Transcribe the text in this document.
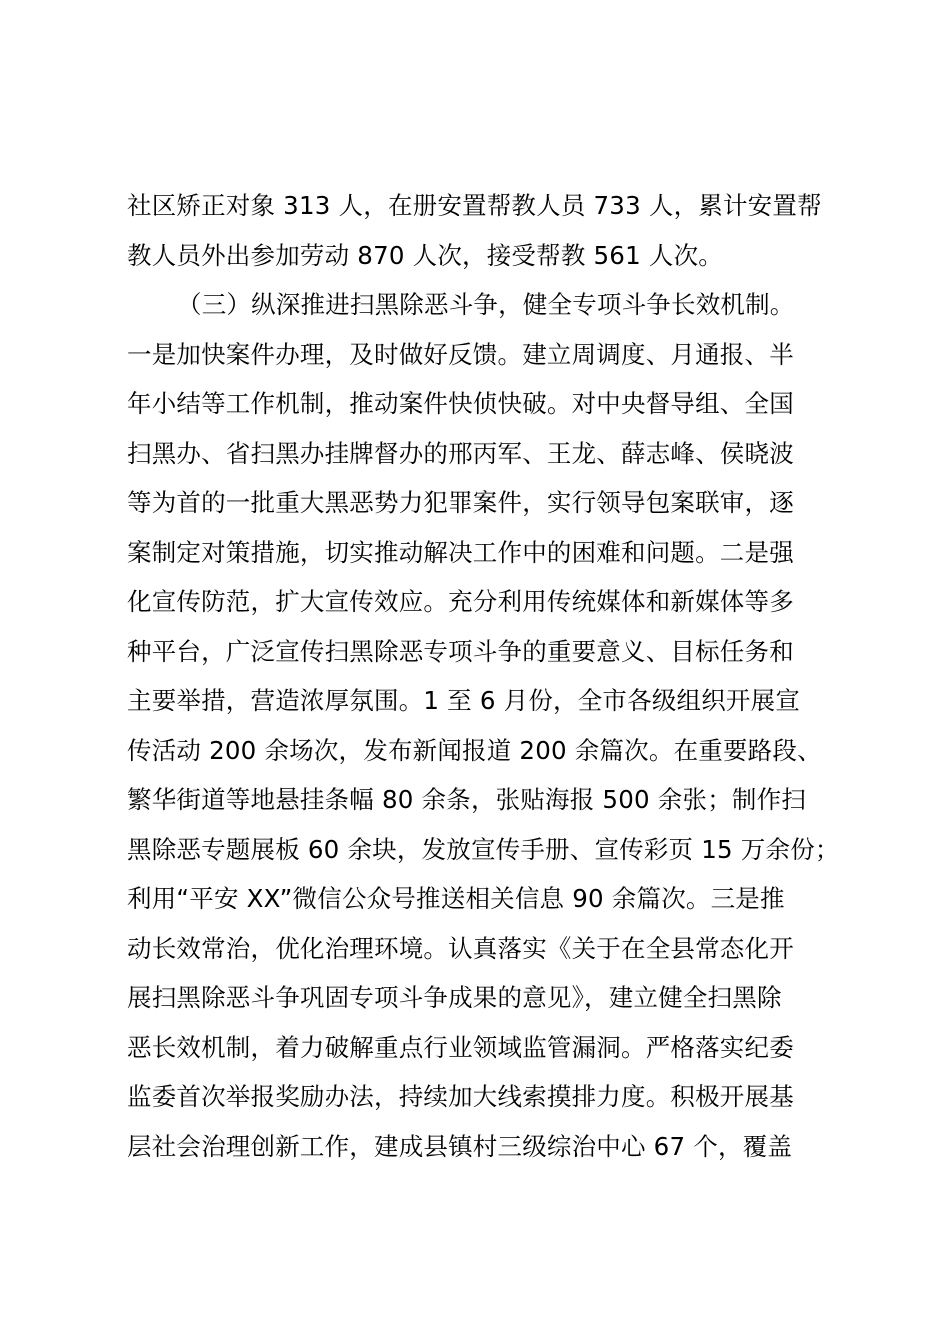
社区矫正对象 313 人，在册安置帮教人员 733 人，累计安置帮
教人员外出参加劳动 870 人次，接受帮教 561 人次。
（三）纵深推进扫黑除恶斗争，健全专项斗争长效机制。
一是加快案件办理，及时做好反馈。建立周调度、月通报、半
年小结等工作机制，推动案件快侦快破。对中央督导组、全国
扫黑办、省扫黑办挂牌督办的邢丙军、王龙、薛志峰、侯晓波
等为首的一批重大黑恶势力犯罪案件，实行领导包案联审，逐
案制定对策措施，切实推动解决工作中的困难和问题。二是强
化宣传防范，扩大宣传效应。充分利用传统媒体和新媒体等多
种平台，广泛宣传扫黑除恶专项斗争的重要意义、目标任务和
主要举措，营造浓厚氛围。1 至 6 月份，全市各级组织开展宣
传活动 200 余场次，发布新闻报道 200 余篇次。在重要路段、
繁华街道等地悬挂条幅 80 余条，张贴海报 500 余张；制作扫
黑除恶专题展板 60 余块，发放宣传手册、宣传彩页 15 万余份；
利用“平安 XX”微信公众号推送相关信息 90 余篇次。三是推
动长效常治，优化治理环境。认真落实《关于在全县常态化开
展扫黑除恶斗争巩固专项斗争成果的意见》，建立健全扫黑除
恶长效机制，着力破解重点行业领域监管漏洞。严格落实纪委
监委首次举报奖励办法，持续加大线索摸排力度。积极开展基
层社会治理创新工作，建成县镇村三级综治中心 67 个，覆盖
